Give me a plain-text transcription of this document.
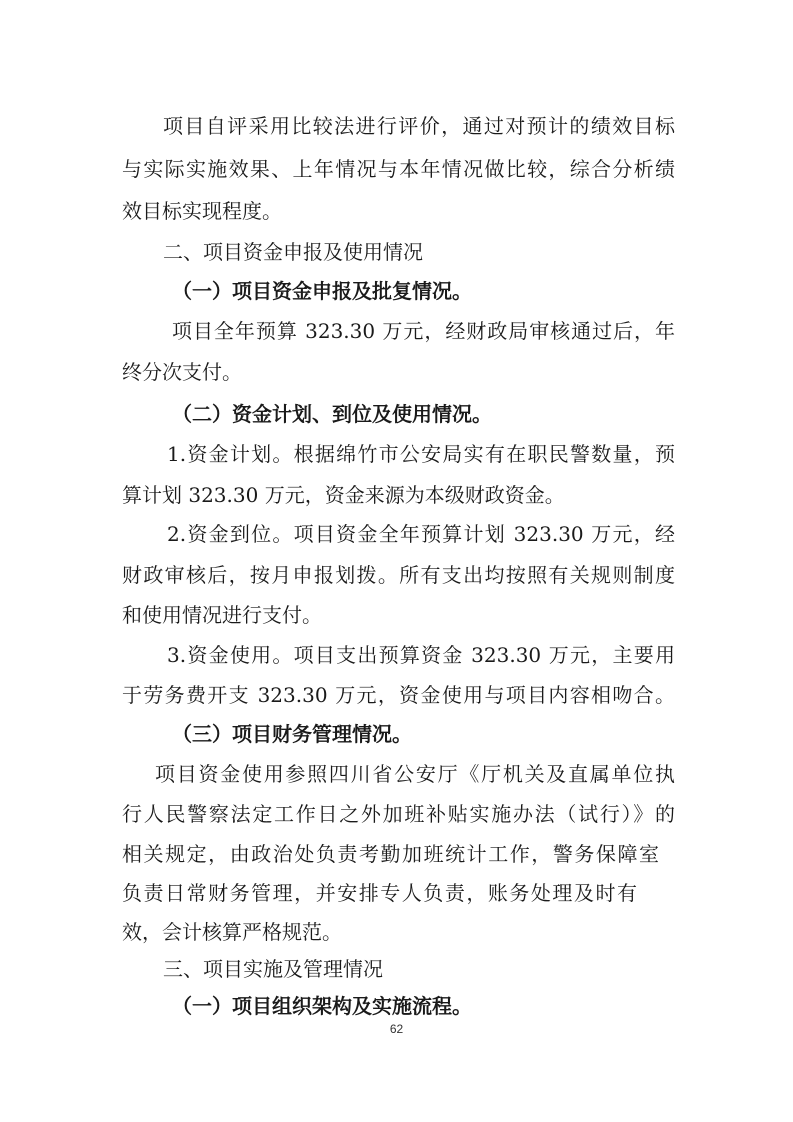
项目自评采用比较法进行评价，通过对预计的绩效目标
与实际实施效果、上年情况与本年情况做比较，综合分析绩
效目标实现程度。
二、项目资金申报及使用情况
（一）项目资金申报及批复情况。
项目全年预算 323.30 万元，经财政局审核通过后，年
终分次支付。
（二）资金计划、到位及使用情况。
1.资金计划。根据绵竹市公安局实有在职民警数量，预
算计划 323.30 万元，资金来源为本级财政资金。
2.资金到位。项目资金全年预算计划 323.30 万元，经
财政审核后，按月申报划拨。所有支出均按照有关规则制度
和使用情况进行支付。
3.资金使用。项目支出预算资金 323.30 万元，主要用
于劳务费开支 323.30 万元，资金使用与项目内容相吻合。
（三）项目财务管理情况。
项目资金使用参照四川省公安厅《厅机关及直属单位执
行人民警察法定工作日之外加班补贴实施办法（试行）》的
相关规定，由政治处负责考勤加班统计工作，警务保障室
负责日常财务管理，并安排专人负责，账务处理及时有
效，会计核算严格规范。
三、项目实施及管理情况
（一）项目组织架构及实施流程。
62
